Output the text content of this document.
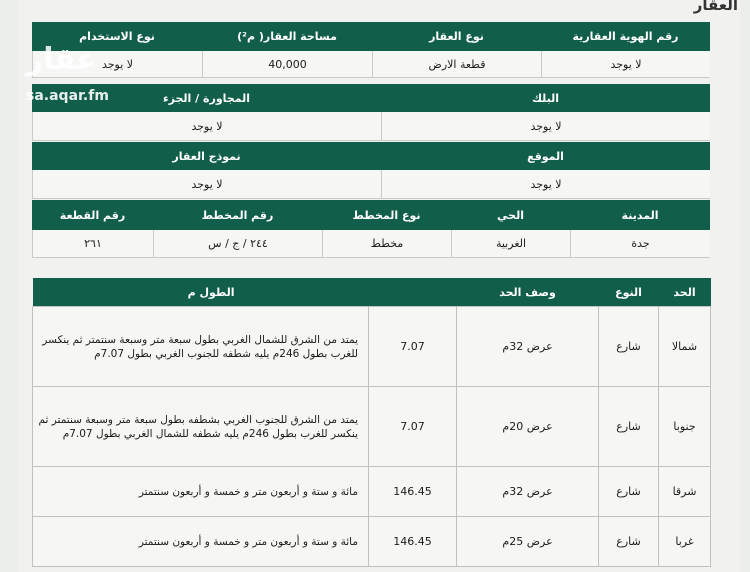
العقار
نوع الاستخدام	مساحة العقار( م²)	نوع العقار	رقم الهوية العقارية
لا يوجد	40,000	قطعة الارض	لا يوجد
المجاورة / الجزء	البلك
لا يوجد	لا يوجد
نموذج العقار	الموقع
لا يوجد	لا يوجد
رقم القطعة	رقم المخطط	نوع المخطط	الحي	المدينة
٢٦١	٢٤٤ / ج / س	مخطط	الغربية	جدة
الحد	النوع	وصف الحد	الطول م	
شمالا	شارع	عرض 32م	7.07	يمتد من الشرق للشمال الغربي بطول سبعة متر وسبعة سنتمتر ثم ينكسر للغرب بطول 246م يليه شطفه للجنوب الغربي بطول 7.07م
جنوبا	شارع	عرض 20م	7.07	يمتد من الشرق للجنوب الغربي بشطفه بطول سبعة متر وسبعة سنتمتر ثم ينكسر للغرب بطول 246م يليه شطفه للشمال الغربي بطول 7.07م
شرقا	شارع	عرض 32م	146.45	مائة و ستة و أربعون متر و خمسة و أربعون سنتمتر
غربا	شارع	عرض 25م	146.45	مائة و ستة و أربعون متر و خمسة و أربعون سنتمتر
عقار
sa.aqar.fm
